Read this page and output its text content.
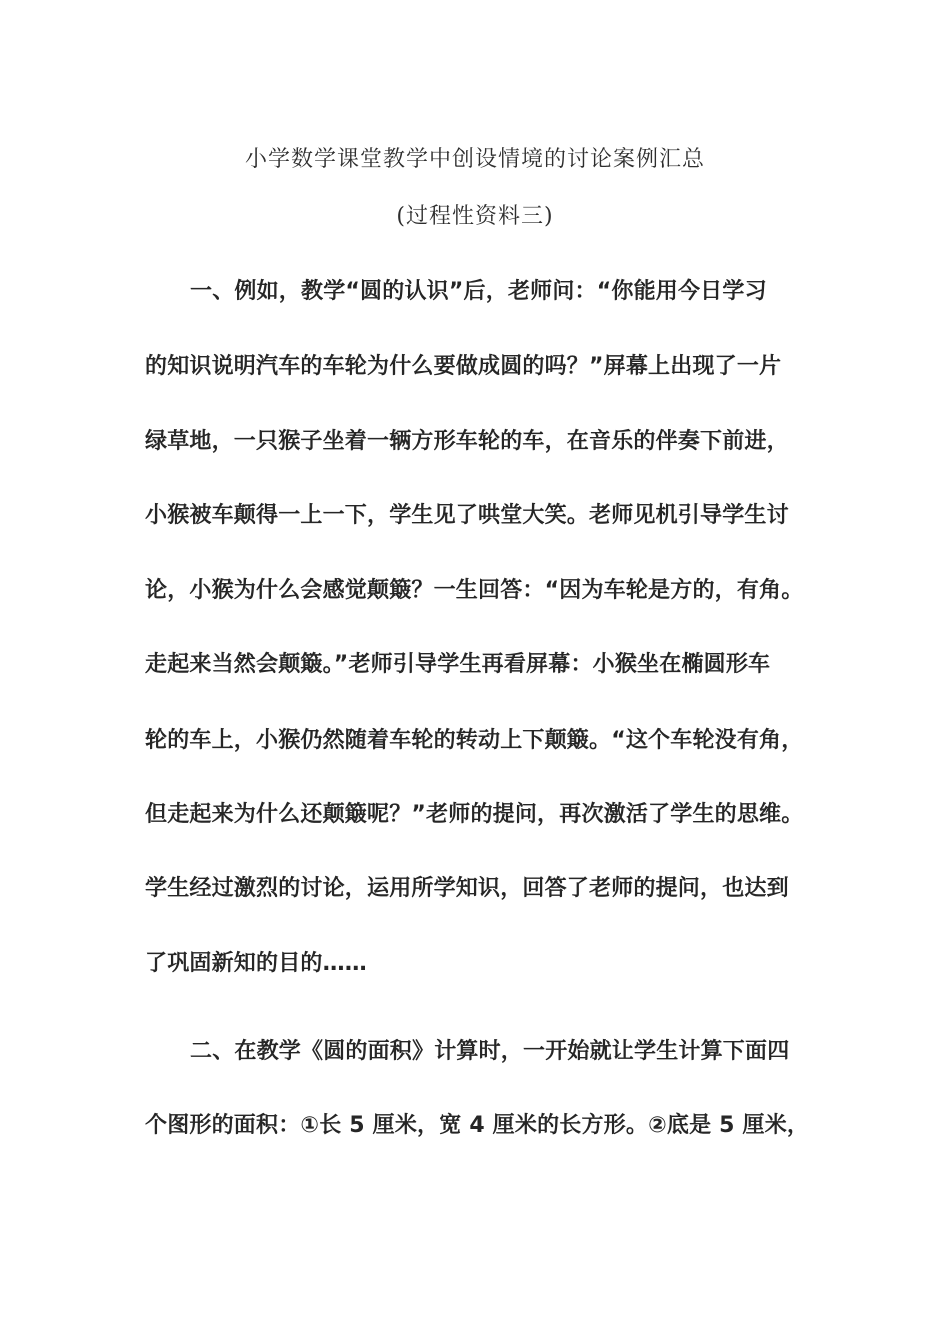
小学数学课堂教学中创设情境的讨论案例汇总
(过程性资料三)
一、例如，教学“圆的认识”后，老师问：“你能用今日学习
的知识说明汽车的车轮为什么要做成圆的吗？”屏幕上出现了一片
绿草地，一只猴子坐着一辆方形车轮的车，在音乐的伴奏下前进，
小猴被车颠得一上一下，学生见了哄堂大笑。老师见机引导学生讨
论，小猴为什么会感觉颠簸？一生回答：“因为车轮是方的，有角。
走起来当然会颠簸。”老师引导学生再看屏幕：小猴坐在椭圆形车
轮的车上，小猴仍然随着车轮的转动上下颠簸。“这个车轮没有角，
但走起来为什么还颠簸呢？”老师的提问，再次激活了学生的思维。
学生经过激烈的讨论，运用所学知识，回答了老师的提问，也达到
了巩固新知的目的……
二、在教学《圆的面积》计算时，一开始就让学生计算下面四
个图形的面积：①长 5 厘米，宽 4 厘米的长方形。②底是 5 厘米，
